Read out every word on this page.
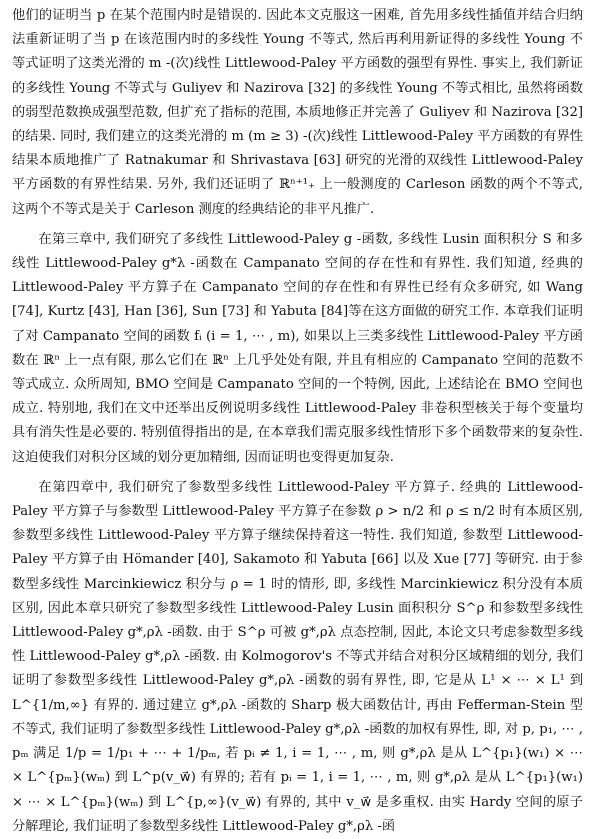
他们的证明当 p 在某个范围内时是错误的. 因此本文克服这一困难, 首先用多线性插值并结合归纳法重新证明了当 p 在该范围内时的多线性 Young 不等式, 然后再利用新证得的多线性 Young 不等式证明了这类光滑的 m -(次)线性 Littlewood-Paley 平方函数的强型有界性. 事实上, 我们新证的多线性 Young 不等式与 Guliyev 和 Nazirova [32] 的多线性 Young 不等式相比, 虽然将函数的弱型范数换成强型范数, 但扩充了指标的范围, 本质地修正并完善了 Guliyev 和 Nazirova [32] 的结果. 同时, 我们建立的这类光滑的 m (m ≥ 3) -(次)线性 Littlewood-Paley 平方函数的有界性结果本质地推广了 Ratnakumar 和 Shrivastava [63] 研究的光滑的双线性 Littlewood-Paley 平方函数的有界性结果. 另外, 我们还证明了 ℝⁿ⁺¹₊ 上一般测度的 Carleson 函数的两个不等式, 这两个不等式是关于 Carleson 测度的经典结论的非平凡推广.

在第三章中, 我们研究了多线性 Littlewood-Paley g -函数, 多线性 Lusin 面积积分 S 和多线性 Littlewood-Paley g*λ -函数在 Campanato 空间的存在性和有界性. 我们知道, 经典的 Littlewood-Paley 平方算子在 Campanato 空间的存在性和有界性已经有众多研究, 如 Wang [74], Kurtz [43], Han [36], Sun [73] 和 Yabuta [84]等在这方面做的研究工作. 本章我们证明了对 Campanato 空间的函数 fᵢ (i = 1, ⋯ , m), 如果以上三类多线性 Littlewood-Paley 平方函数在 ℝⁿ 上一点有限, 那么它们在 ℝⁿ 上几乎处处有限, 并且有相应的 Campanato 空间的范数不等式成立. 众所周知, BMO 空间是 Campanato 空间的一个特例, 因此, 上述结论在 BMO 空间也成立. 特别地, 我们在文中还举出反例说明多线性 Littlewood-Paley 非卷积型核关于每个变量均具有消失性是必要的. 特别值得指出的是, 在本章我们需克服多线性情形下多个函数带来的复杂性. 这迫使我们对积分区域的划分更加精细, 因而证明也变得更加复杂.

在第四章中, 我们研究了参数型多线性 Littlewood-Paley 平方算子. 经典的 Littlewood-Paley 平方算子与参数型 Littlewood-Paley 平方算子在参数 ρ > n/2 和 ρ ≤ n/2 时有本质区别, 参数型多线性 Littlewood-Paley 平方算子继续保持着这一特性. 我们知道, 参数型 Littlewood-Paley 平方算子由 Hömander [40], Sakamoto 和 Yabuta [66] 以及 Xue [77] 等研究. 由于参数型多线性 Marcinkiewicz 积分与 ρ = 1 时的情形, 即, 多线性 Marcinkiewicz 积分没有本质区别, 因此本章只研究了参数型多线性 Littlewood-Paley Lusin 面积积分 S^ρ 和参数型多线性 Littlewood-Paley g*,ρλ -函数. 由于 S^ρ 可被 g*,ρλ 点态控制, 因此, 本论文只考虑参数型多线性 Littlewood-Paley g*,ρλ -函数. 由 Kolmogorov's 不等式并结合对积分区域精细的划分, 我们证明了参数型多线性 Littlewood-Paley g*,ρλ -函数的弱有界性, 即, 它是从 L¹ × ⋯ × L¹ 到 L^{1/m,∞} 有界的. 通过建立 g*,ρλ -函数的 Sharp 极大函数估计, 再由 Fefferman-Stein 型不等式, 我们证明了参数型多线性 Littlewood-Paley g*,ρλ -函数的加权有界性, 即, 对 p, p₁, ⋯ , pₘ 满足 1/p = 1/p₁ + ⋯ + 1/pₘ, 若 pᵢ ≠ 1, i = 1, ⋯ , m, 则 g*,ρλ 是从 L^{p₁}(w₁) × ⋯ × L^{pₘ}(wₘ) 到 L^p(v_w⃗) 有界的; 若有 pᵢ = 1, i = 1, ⋯ , m, 则 g*,ρλ 是从 L^{p₁}(w₁) × ⋯ × L^{pₘ}(wₘ) 到 L^{p,∞}(v_w⃗) 有界的, 其中 v_w⃗ 是多重权. 由实 Hardy 空间的原子分解理论, 我们证明了参数型多线性 Littlewood-Paley g*,ρλ -函
